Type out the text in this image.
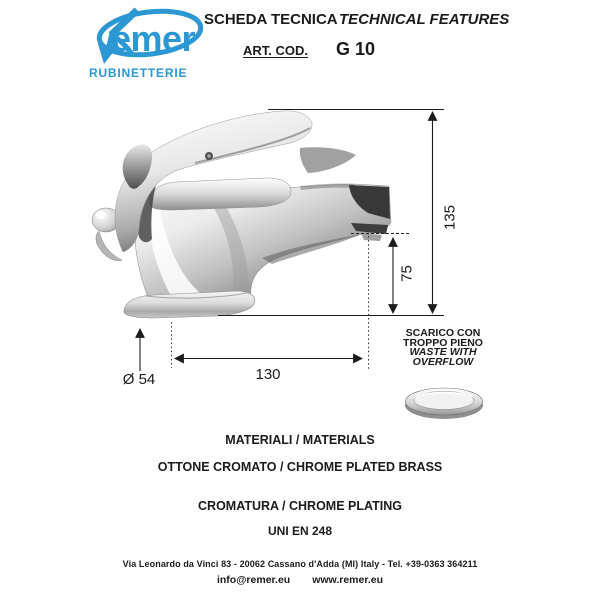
emer
RUBINETTERIE
SCHEDA TECNICA TECHNICAL FEATURES
ART. COD. G 10
135
75
130
Ø 54
SCARICO CON
TROPPO PIENO
WASTE WITH
OVERFLOW
MATERIALI / MATERIALS
OTTONE CROMATO / CHROME PLATED BRASS
CROMATURA / CHROME PLATING
UNI EN 248
Via Leonardo da Vinci 83 - 20062 Cassano d'Adda (MI) Italy - Tel. +39-0363 364211
info@remer.eu www.remer.eu
